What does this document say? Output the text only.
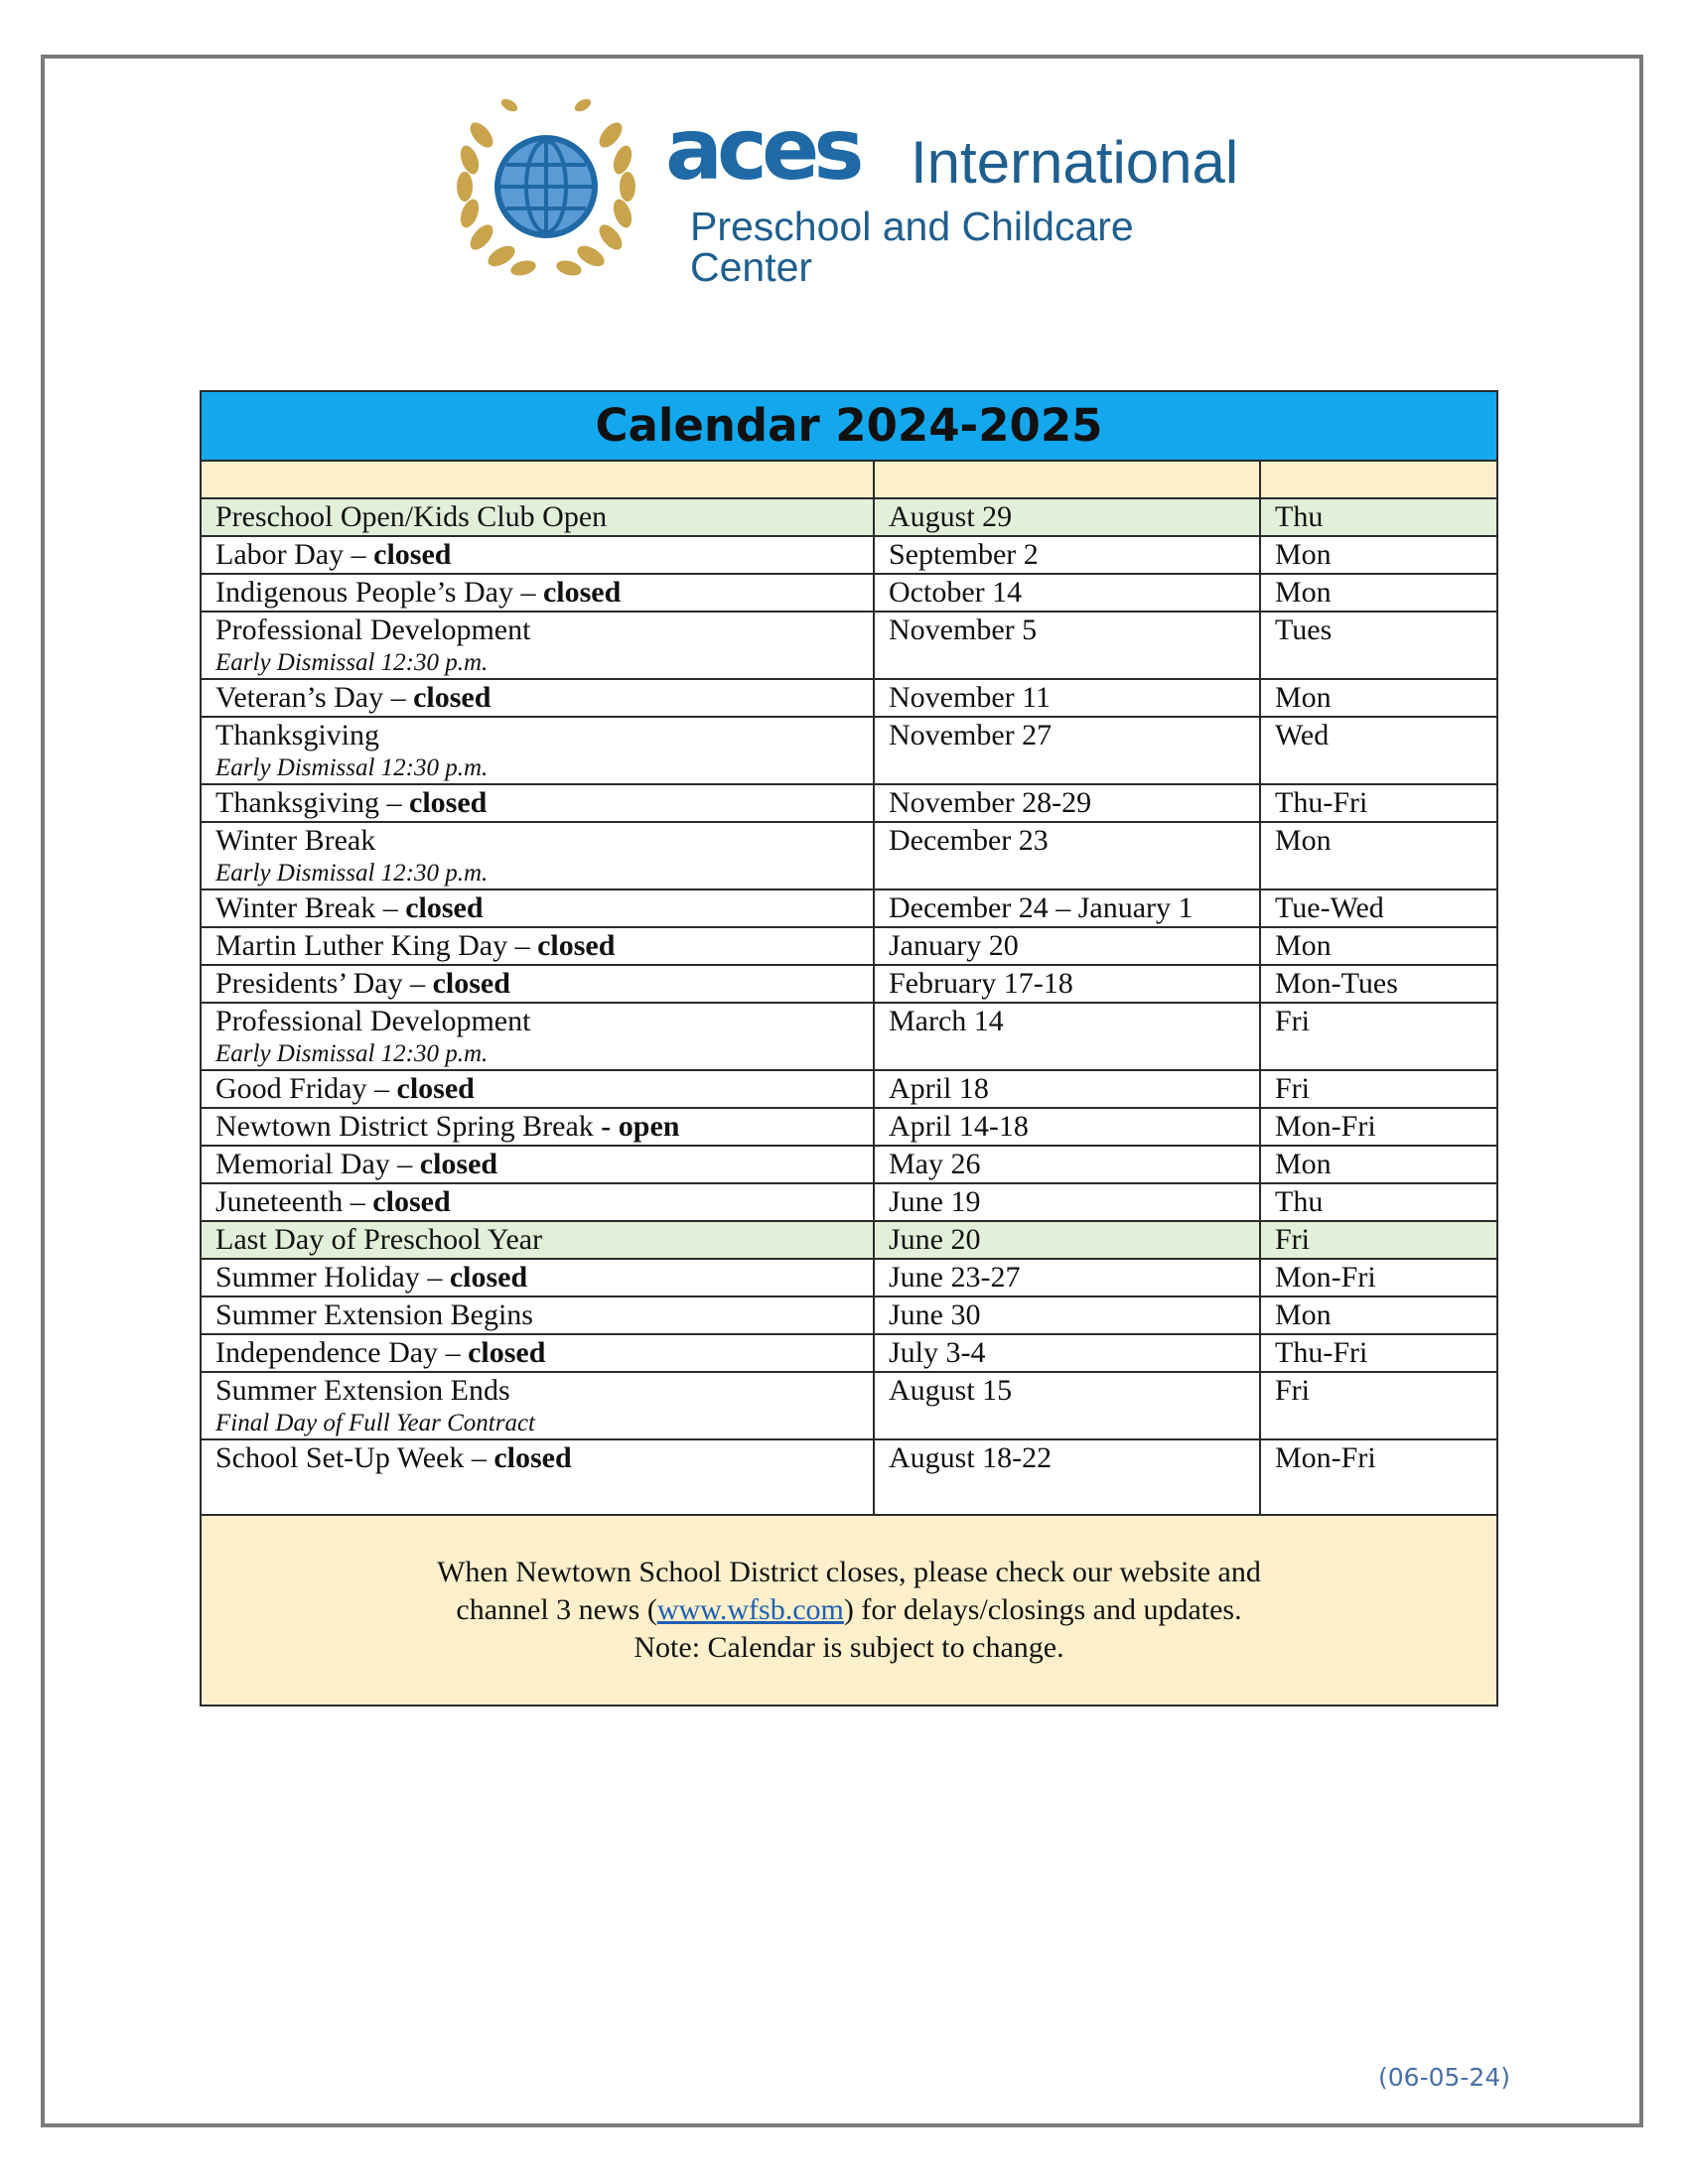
aces International
Preschool and Childcare Center
Calendar 2024-2025		

Preschool Open/Kids Club Open	August 29	Thu
Labor Day – closed	September 2	Mon
Indigenous People’s Day – closed	October 14	Mon
Professional Development
Early Dismissal 12:30 p.m.	November 5	Tues
Veteran’s Day – closed	November 11	Mon
Thanksgiving
Early Dismissal 12:30 p.m.	November 27	Wed
Thanksgiving – closed	November 28-29	Thu-Fri
Winter Break
Early Dismissal 12:30 p.m.	December 23	Mon
Winter Break – closed	December 24 – January 1	Tue-Wed
Martin Luther King Day – closed	January 20	Mon
Presidents’ Day – closed	February 17-18	Mon-Tues
Professional Development
Early Dismissal 12:30 p.m.	March 14	Fri
Good Friday – closed	April 18	Fri
Newtown District Spring Break - open	April 14-18	Mon-Fri
Memorial Day – closed	May 26	Mon
Juneteenth – closed	June 19	Thu
Last Day of Preschool Year	June 20	Fri
Summer Holiday – closed	June 23-27	Mon-Fri
Summer Extension Begins	June 30	Mon
Independence Day – closed	July 3-4	Thu-Fri
Summer Extension Ends
Final Day of Full Year Contract	August 15	Fri
School Set-Up Week – closed	August 18-22	Mon-Fri

When Newtown School District closes, please check our website and
channel 3 news (www.wfsb.com) for delays/closings and updates.
Note: Calendar is subject to change.		
(06-05-24)
